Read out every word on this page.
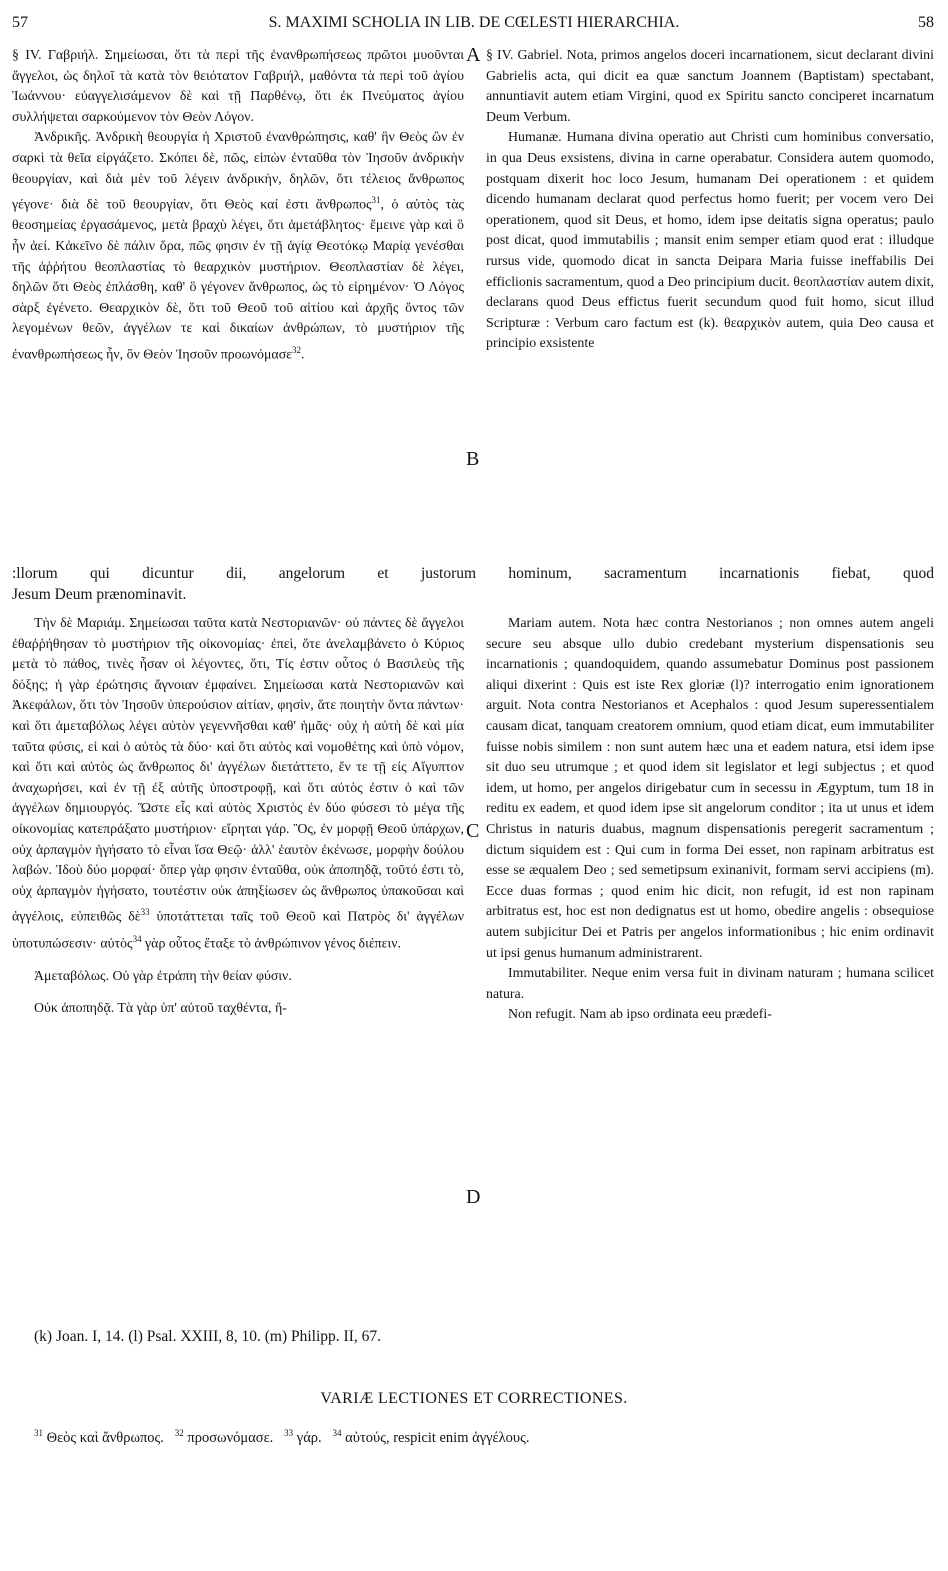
57	S. MAXIMI SCHOLIA IN LIB. DE CŒLESTI HIERARCHIA.	58

§ IV. Γαβριήλ. Σημείωσαι, ὅτι τὰ περὶ τῆς ἐνανθρωπήσεως πρῶτοι μυοῦνται ἄγγελοι, ὡς δηλοῖ τὰ κατὰ τὸν θειότατον Γαβριήλ, μαθόντα τὰ περὶ τοῦ ἁγίου Ἰωάννου· εὐαγγελισάμενον δὲ καὶ τῇ Παρθένῳ, ὅτι ἐκ Πνεύματος ἁγίου συλλήψεται σαρκούμενον τὸν Θεὸν Λόγον.

Ἀνδρικῆς. Ἀνδρικὴ θεουργία ἡ Χριστοῦ ἐνανθρώπησις, καθ' ἣν Θεὸς ὢν ἐν σαρκὶ τὰ θεῖα εἰργάζετο. Σκόπει δὲ, πῶς, εἰπὼν ἐνταῦθα τὸν Ἰησοῦν ἀνδρικὴν θεουργίαν, καὶ διὰ μὲν τοῦ λέγειν ἀνδρικὴν, δηλῶν, ὅτι τέλειος ἄνθρωπος γέγονε· διὰ δὲ τοῦ θεουργίαν, ὅτι Θεὸς καί ἐστι ἄνθρωπος$^{31}$, ὁ αὐτὸς τὰς θεοσημείας ἐργασάμενος, μετὰ βραχὺ λέγει, ὅτι ἀμετάβλητος· ἔμεινε γὰρ καὶ ὃ ἦν ἀεί. Κἀκεῖνο δὲ πάλιν ὅρα, πῶς φησιν ἐν τῇ ἁγίᾳ Θεοτόκῳ Μαρίᾳ γενέσθαι τῆς ἀῤῥήτου θεοπλαστίας τὸ θεαρχικὸν μυστήριον. Θεοπλαστίαν δὲ λέγει, δηλῶν ὅτι Θεὸς ἐπλάσθη, καθ' ὃ γέγονεν ἄνθρωπος, ὡς τὸ εἰρημένον· Ὁ Λόγος σὰρξ ἐγένετο. Θεαρχικὸν δὲ, ὅτι τοῦ Θεοῦ τοῦ αἰτίου καὶ ἀρχῆς ὄντος τῶν λεγομένων θεῶν, ἀγγέλων τε καὶ δικαίων ἀνθρώπων, τὸ μυστήριον τῆς ἐνανθρωπήσεως ἦν, ὃν Θεὸν Ἰησοῦν προωνόμασε$^{32}$.

§ IV. Gabriel. Nota, primos angelos doceri incarnationem, sicut declarant divini Gabrielis acta, qui dicit ea quæ sanctum Joannem (Baptistam) spectabant, annuntiavit autem etiam Virgini, quod ex Spiritu sancto conciperet incarnatum Deum Verbum.

Humanæ. Humana divina operatio aut Christi cum hominibus conversatio, in qua Deus exsistens, divina in carne operabatur. Considera autem quomodo, postquam dixerit hoc loco Jesum, humanam Dei operationem : et quidem dicendo humanam declarat quod perfectus homo fuerit; per vocem vero Dei operationem, quod sit Deus, et homo, idem ipse deitatis signa operatus; paulo post dicat, quod immutabilis ; mansit enim semper etiam quod erat : illudque rursus vide, quomodo dicat in sancta Deipara Maria fuisse ineffabilis Dei efficlionis sacramentum, quod a Deo principium ducit. θεοπλαστίαν autem dixit, declarans quod Deus effictus fuerit secundum quod fuit homo, sicut illud Scripturæ : Verbum caro factum est (k). θεαρχικὸν autem, quia Deo causa et principio exsistente

:llorum qui dicuntur dii, angelorum et justorum hominum, sacramentum incarnationis fiebat, quod
Jesum Deum prænominavit.

Τὴν δὲ Μαριάμ. Σημείωσαι ταῦτα κατὰ Νεστοριανῶν· οὐ πάντες δὲ ἄγγελοι ἐθαῤῥήθησαν τὸ μυστήριον τῆς οἰκονομίας· ἐπεὶ, ὅτε ἀνελαμβάνετο ὁ Κύριος μετὰ τὸ πάθος, τινὲς ἦσαν οἱ λέγοντες, ὅτι, Τίς ἐστιν οὗτος ὁ Βασιλεὺς τῆς δόξης; ἡ γὰρ ἐρώτησις ἄγνοιαν ἐμφαίνει. Σημείωσαι κατὰ Νεστοριανῶν καὶ Ἀκεφάλων, ὅτι τὸν Ἰησοῦν ὑπερούσιον αἰτίαν, φησὶν, ἅτε ποιητὴν ὄντα πάντων· καὶ ὅτι ἀμεταβόλως λέγει αὐτὸν γεγεννῆσθαι καθ' ἡμᾶς· οὐχ ἡ αὐτὴ δὲ καὶ μία ταῦτα φύσις, εἰ καὶ ὁ αὐτὸς τὰ δύο· καὶ ὅτι αὐτὸς καὶ νομοθέτης καὶ ὑπὸ νόμον, καὶ ὅτι καὶ αὐτὸς ὡς ἄνθρωπος δι' ἀγγέλων διετάττετο, ἔν τε τῇ εἰς Αἴγυπτον ἀναχωρήσει, καὶ ἐν τῇ ἐξ αὐτῆς ὑποστροφῇ, καὶ ὅτι αὐτὸς ἐστιν ὁ καὶ τῶν ἀγγέλων δημιουργός. Ὥστε εἷς καὶ αὐτὸς Χριστὸς ἐν δύο φύσεσι τὸ μέγα τῆς οἰκονομίας κατεπράξατο μυστήριον· εἴρηται γάρ. Ὃς, ἐν μορφῇ Θεοῦ ὑπάρχων, οὐχ ἁρπαγμὸν ἡγήσατο τὸ εἶναι ἴσα Θεῷ· ἀλλ' ἑαυτὸν ἐκένωσε, μορφὴν δούλου λαβών. Ἰδοὺ δύο μορφαί· ὅπερ γὰρ φησιν ἐνταῦθα, οὐκ ἀποπηδᾷ, τοῦτό ἐστι τὸ, οὐχ ἁρπαγμὸν ἡγήσατο, τουτέστιν οὐκ ἀπηξίωσεν ὡς ἄνθρωπος ὑπακοῦσαι καὶ ἀγγέλοις, εὐπειθῶς δὲ$^{33}$ ὑποτάττεται ταῖς τοῦ Θεοῦ καὶ Πατρὸς δι' ἀγγέλων ὑποτυπώσεσιν· αὐτὸς$^{34}$ γὰρ οὗτος ἔταξε τὸ ἀνθρώπινον γένος διέπειν.

Ἀμεταβόλως. Οὐ γὰρ ἐτράπη τὴν θείαν φύσιν.

Οὐκ ἀποπηδᾷ. Τὰ γὰρ ὑπ' αὐτοῦ ταχθέντα, ἤ-

Mariam autem. Nota hæc contra Nestorianos ; non omnes autem angeli secure seu absque ullo dubio credebant mysterium dispensationis seu incarnationis ; quandoquidem, quando assumebatur Dominus post passionem aliqui dixerint : Quis est iste Rex gloriæ (l)? interrogatio enim ignorationem arguit. Nota contra Nestorianos et Acephalos : quod Jesum superessentialem causam dicat, tanquam creatorem omnium, quod etiam dicat, eum immutabiliter fuisse nobis similem : non sunt autem hæc una et eadem natura, etsi idem ipse sit duo seu utrumque ; et quod idem sit legislator et legi subjectus ; et quod idem, ut homo, per angelos dirigebatur cum in secessu in Ægyptum, tum 18 in reditu ex eadem, et quod idem ipse sit angelorum conditor ; ita ut unus et idem Christus in naturis duabus, magnum dispensationis peregerit sacramentum ; dictum siquidem est : Qui cum in forma Dei esset, non rapinam arbitratus est esse se æqualem Deo ; sed semetipsum exinanivit, formam servi accipiens (m). Ecce duas formas ; quod enim hic dicit, non refugit, id est non rapinam arbitratus est, hoc est non dedignatus est ut homo, obedire angelis : obsequiose autem subjicitur Dei et Patris per angelos informationibus ; hic enim ordinavit ut ipsi genus humanum administrarent.

Immutabiliter. Neque enim versa fuit in divinam naturam ; humana scilicet natura.

Non refugit. Nam ab ipso ordinata eeu prædefi-

A
B
C
D
(k) Joan. I, 14. (l) Psal. XXIII, 8, 10. (m) Philipp. II, 67.
VARIÆ LECTIONES ET CORRECTIONES.
$^{31}$ Θεὸς καὶ ἄνθρωπος. $^{32}$ προσωνόμασε. $^{33}$ γάρ. $^{34}$ αὐτούς, respicit enim ἀγγέλους.
